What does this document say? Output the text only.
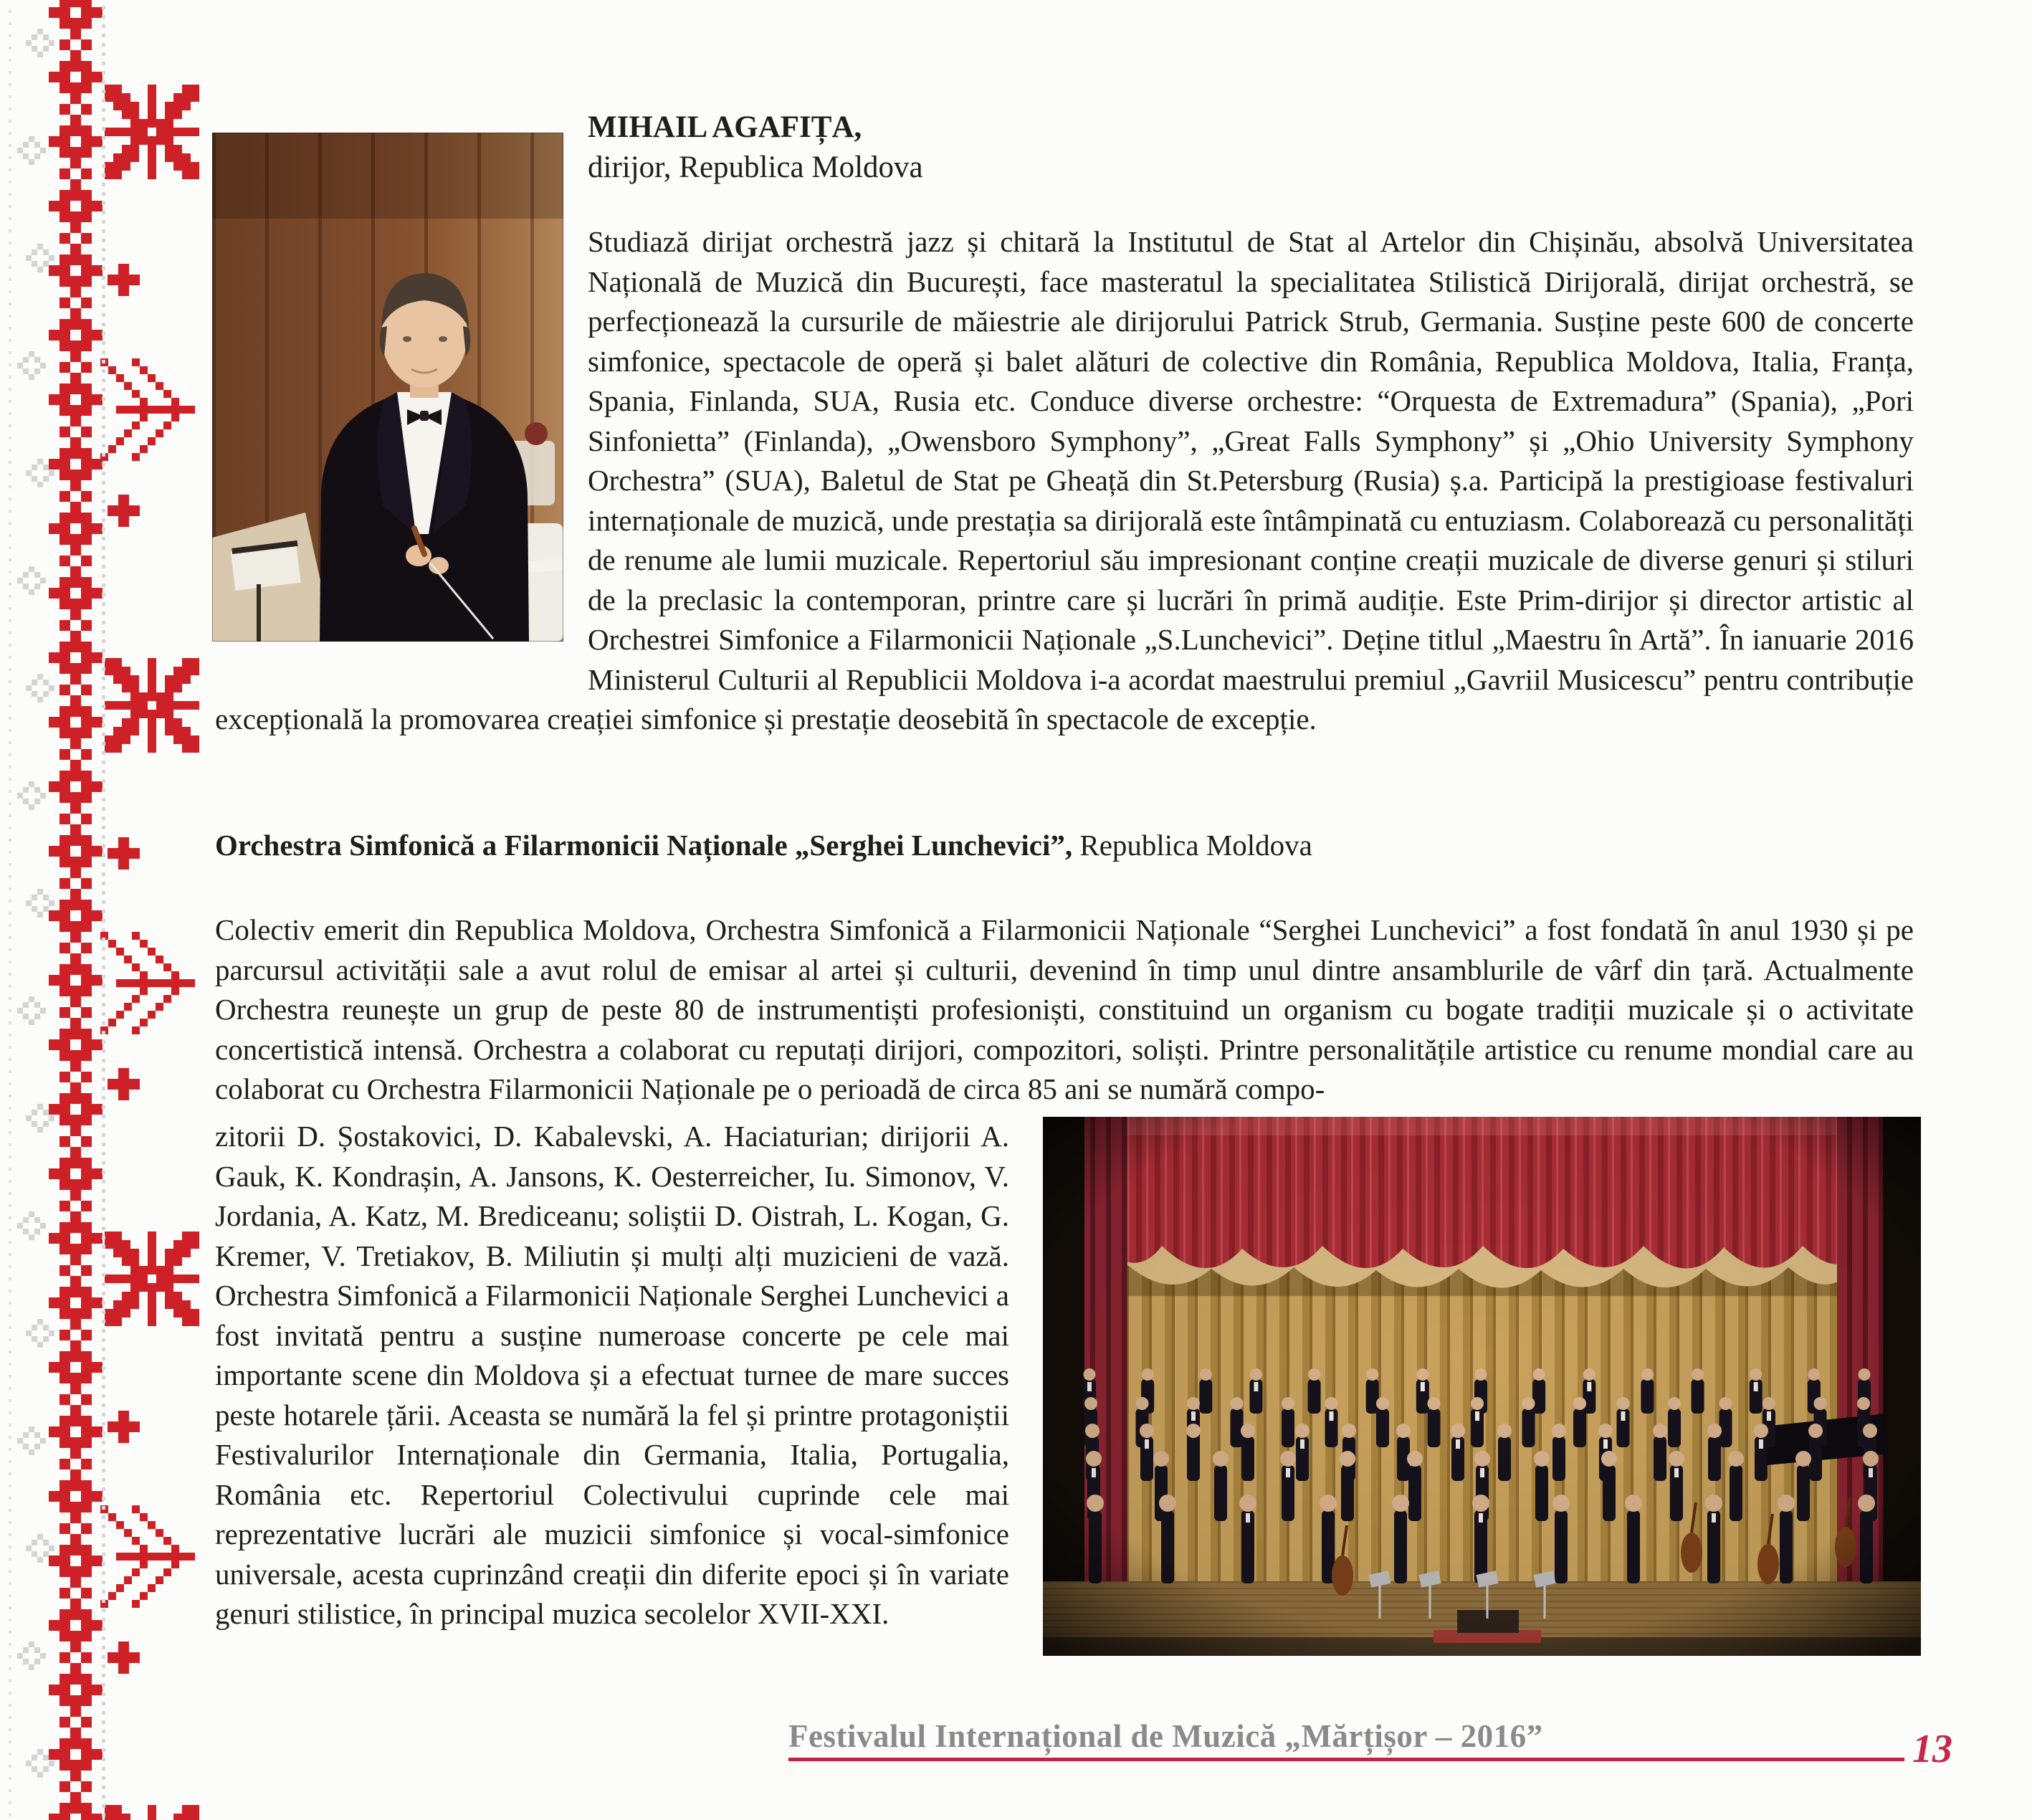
MIHAIL AGAFIȚA,
dirijor, Republica Moldova

Studiază dirijat orchestră jazz și chitară la Institutul de Stat al Artelor din Chișinău, absolvă Universitatea Națională de Muzică din București, face masteratul la specialitatea Stilistică Dirijorală, dirijat orchestră, se perfecționează la cursurile de măiestrie ale dirijorului Patrick Strub, Germania. Susține peste 600 de concerte simfonice, spectacole de operă și balet alături de colective din România, Republica Moldova, Italia, Franța, Spania, Finlanda, SUA, Rusia etc. Conduce diverse orchestre: “Orquesta de Extremadura” (Spania), „Pori Sinfonietta” (Finlanda), „Owensboro Symphony”, „Great Falls Symphony” și „Ohio University Symphony Orchestra” (SUA), Baletul de Stat pe Gheață din St.Petersburg (Rusia) ș.a. Participă la prestigioase festivaluri internaționale de muzică, unde prestația sa dirijorală este întâmpinată cu entuziasm. Colaborează cu personalități de renume ale lumii muzicale. Repertoriul său impresionant conține creații muzicale de diverse genuri și stiluri de la preclasic la contemporan, printre care și lucrări în primă audiție. Este Prim-dirijor și director artistic al Orchestrei Simfonice a Filarmonicii Naționale „S.Lunchevici”. Deține titlul „Maestru în Artă”. În ianuarie 2016 Ministerul Culturii al Republicii Moldova i-a acordat maestrului premiul „Gavriil Musicescu” pentru contribuție excepțională la promovarea creației simfonice și prestație deosebită în spectacole de excepție.

Orchestra Simfonică a Filarmonicii Naționale „Serghei Lunchevici”, Republica Moldova

Colectiv emerit din Republica Moldova, Orchestra Simfonică a Filarmonicii Naționale “Serghei Lunchevici” a fost fondată în anul 1930 și pe parcursul activității sale a avut rolul de emisar al artei și culturii, devenind în timp unul dintre ansamblurile de vârf din țară. Actualmente Orchestra reunește un grup de peste 80 de instrumentiști profesioniști, constituind un organism cu bogate tradiții muzicale și o activitate concertistică intensă. Orchestra a colaborat cu reputați dirijori, compozitori, soliști. Printre personalitățile artistice cu renume mondial care au colaborat cu Orchestra Filarmonicii Naționale pe o perioadă de circa 85 ani se numără compo-

zitorii D. Șostakovici, D. Kabalevski, A. Haciaturian; dirijorii A. Gauk, K. Kondrașin, A. Jansons, K. Oesterreicher, Iu. Simonov, V. Jordania, A. Katz, M. Brediceanu; soliștii D. Oistrah, L. Kogan, G. Kremer, V. Tretiakov, B. Miliutin și mulți alți muzicieni de vază. Orchestra Simfonică a Filarmonicii Naționale Serghei Lunchevici a fost invitată pentru a susține numeroase concerte pe cele mai importante scene din Moldova și a efectuat turnee de mare succes peste hotarele țării. Aceasta se numără la fel și printre protagoniștii Festivalurilor Internaționale din Germania, Italia, Portugalia, România etc. Repertoriul Colectivului cuprinde cele mai reprezentative lucrări ale muzicii simfonice și vocal-simfonice universale, acesta cuprinzând creații din diferite epoci și în variate genuri stilistice, în principal muzica secolelor XVII-XXI.

Festivalul Internațional de Muzică „Mărțișor – 2016”	13
